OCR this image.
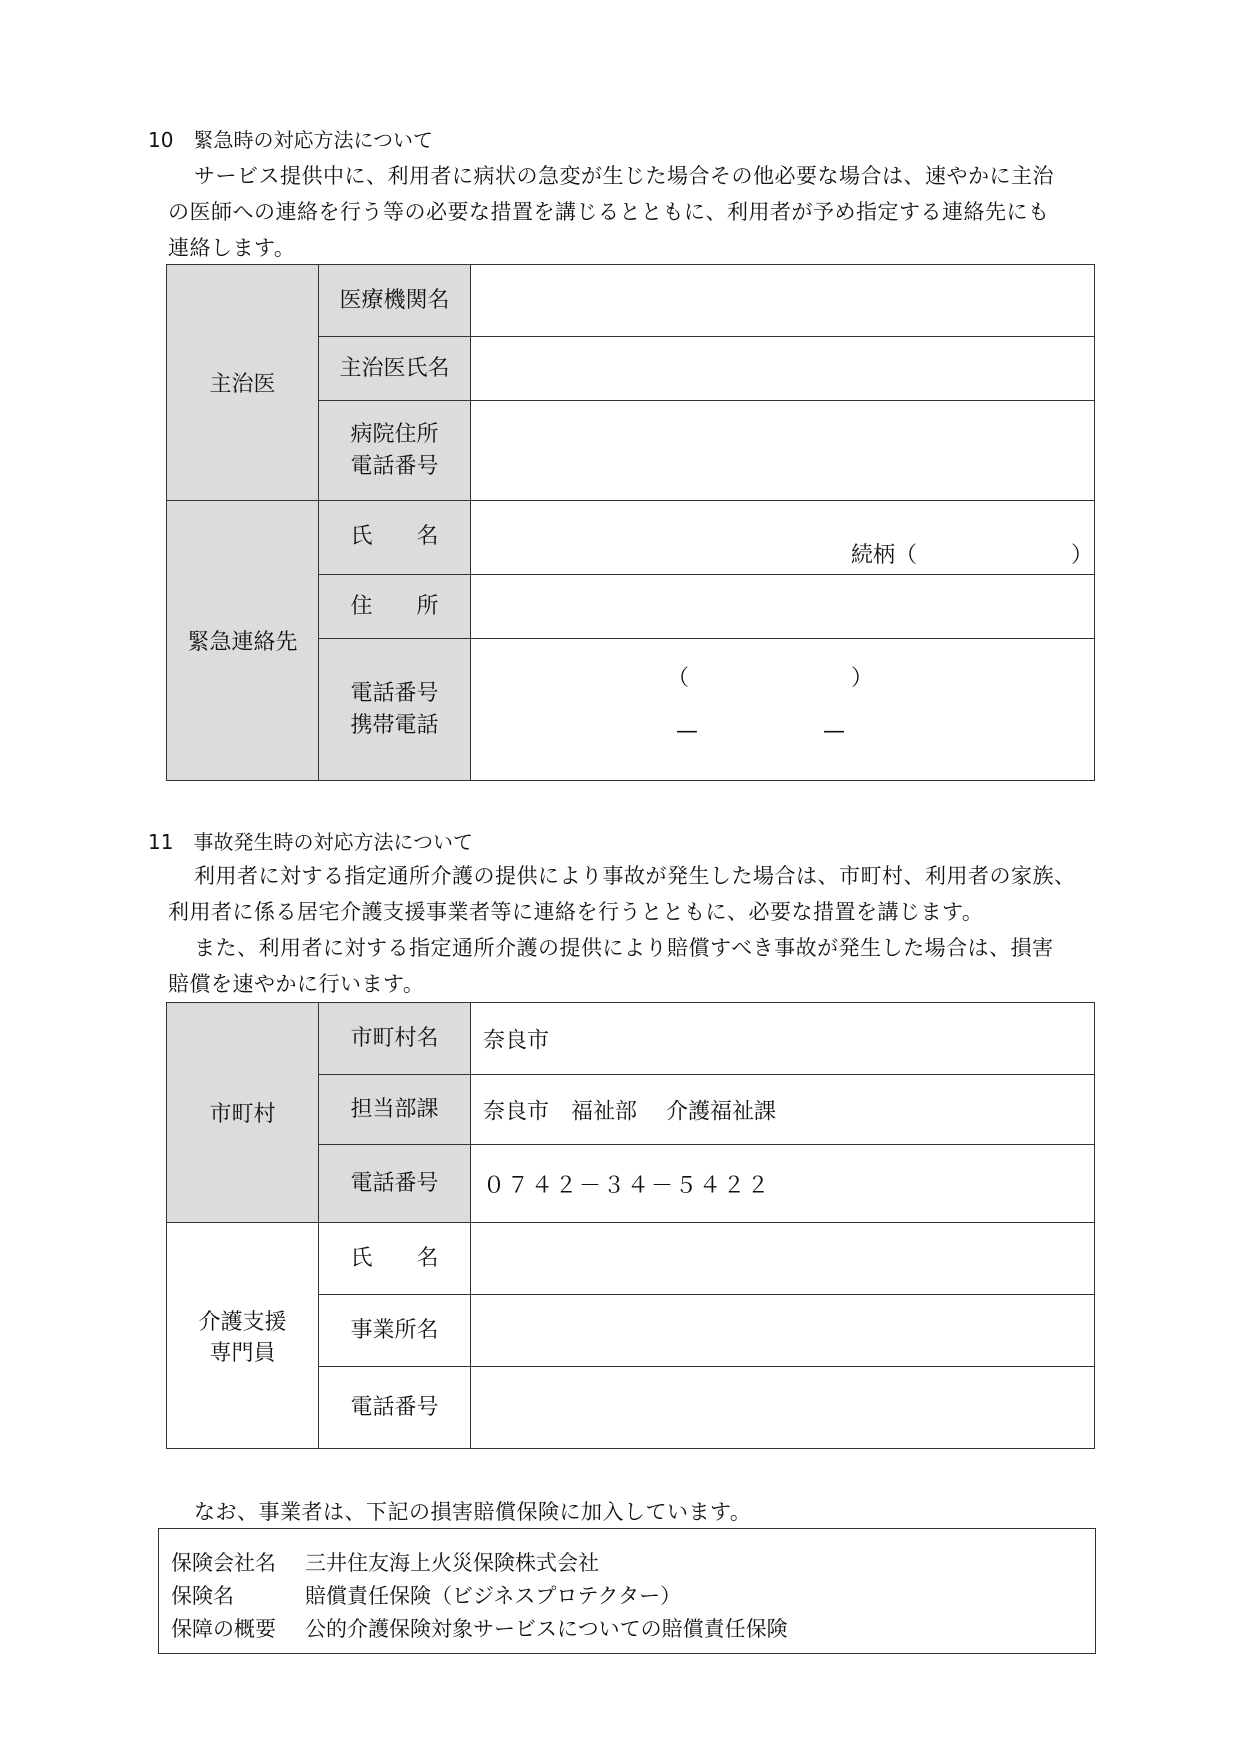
10　緊急時の対応方法について
サービス提供中に、利用者に病状の急変が生じた場合その他必要な場合は、速やかに主治
の医師への連絡を行う等の必要な措置を講じるとともに、利用者が予め指定する連絡先にも
連絡します。
主治医	医療機関名	
	主治医氏名	

	病院住所
電話番号	

緊急連絡先	氏　　名	続柄（　　　　　　　）

	住　　所	

	電話番号
携帯電話	（ ）
— —
11　事故発生時の対応方法について
利用者に対する指定通所介護の提供により事故が発生した場合は、市町村、利用者の家族、
利用者に係る居宅介護支援事業者等に連絡を行うとともに、必要な措置を講じます。
また、利用者に対する指定通所介護の提供により賠償すべき事故が発生した場合は、損害
賠償を速やかに行います。
市町村	市町村名	奈良市

	担当部課	奈良市　福祉部　 介護福祉課

	電話番号	０７４２－３４－５４２２

介護支援
専門員	氏　　名	
	事業所名	
	電話番号	
なお、事業者は、下記の損害賠償保険に加入しています。
保険会社名 三井住友海上火災保険株式会社
保険名	賠償責任保険（ビジネスプロテクター）
保障の概要 公的介護保険対象サービスについての賠償責任保険
